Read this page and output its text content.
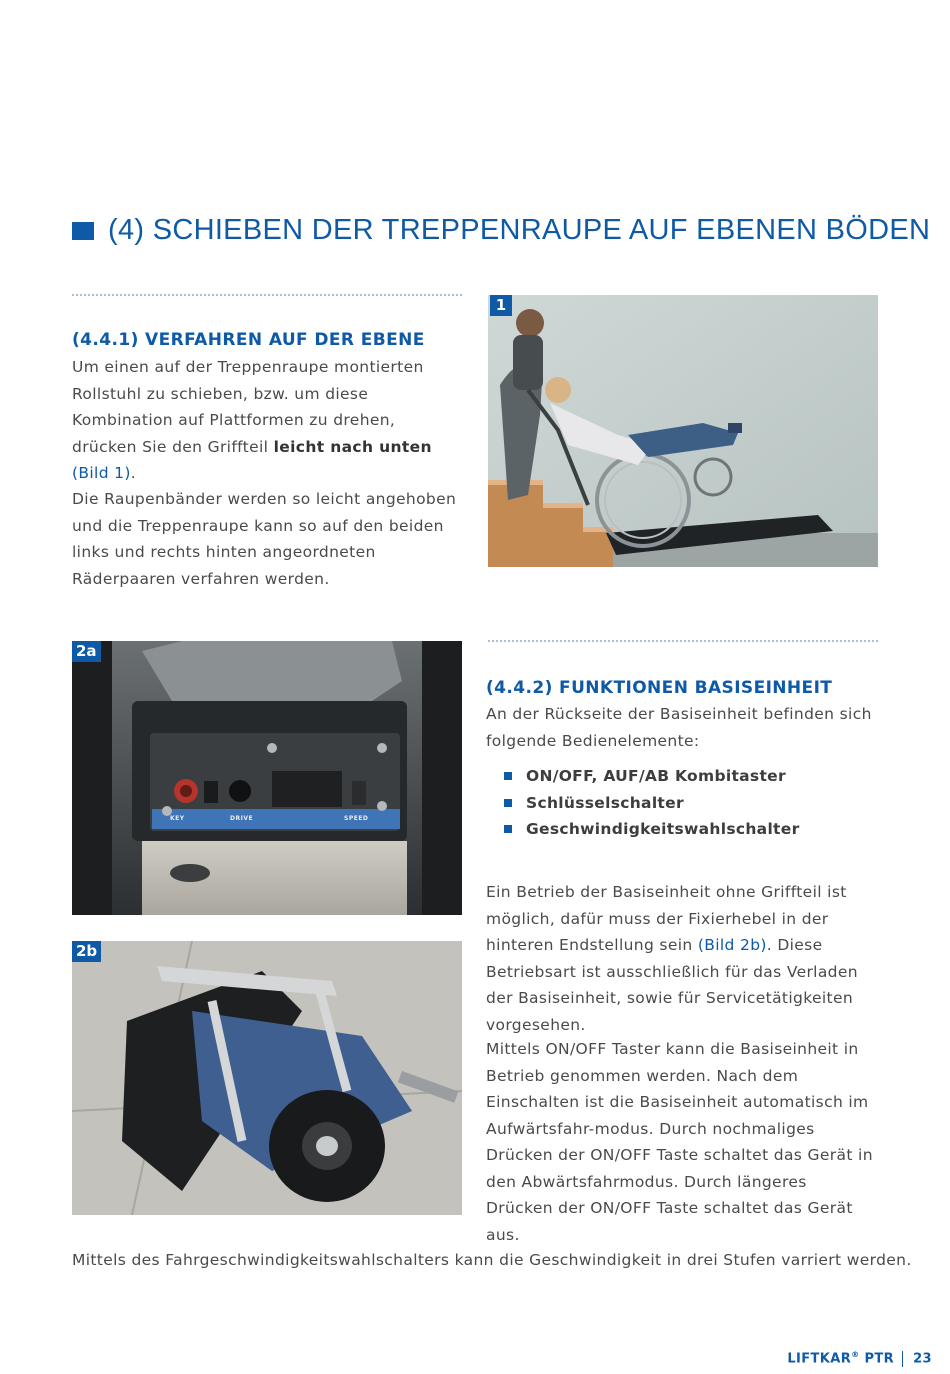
(4) SCHIEBEN DER TREPPENRAUPE AUF EBENEN BÖDEN
(4.4.1) VERFAHREN AUF DER EBENE
Um einen auf der Treppenraupe montierten Rollstuhl zu schieben, bzw. um diese Kombination auf Plattformen zu drehen, drücken Sie den Griffteil leicht nach unten (Bild 1).
Die Raupenbänder werden so leicht angehoben und die Treppenraupe kann so auf den beiden links und rechts hinten angeordneten Räderpaaren verfahren werden.
1
KEY	DRIVE	SPEED
2a
2b
(4.4.2) FUNKTIONEN BASISEINHEIT
An der Rückseite der Basiseinheit befinden sich folgende Bedienelemente:
ON/OFF, AUF/AB Kombitaster
Schlüsselschalter
Geschwindigkeitswahlschalter
Ein Betrieb der Basiseinheit ohne Griffteil ist möglich, dafür muss der Fixierhebel in der hinteren Endstellung sein (Bild 2b). Diese Betriebsart ist ausschließlich für das Verladen der Basiseinheit, sowie für Servicetätigkeiten vorgesehen.
Mittels ON/OFF Taster kann die Basiseinheit in Betrieb genommen werden. Nach dem Einschalten ist die Basiseinheit automatisch im Aufwärtsfahr-modus. Durch nochmaliges Drücken der ON/OFF Taste schaltet das Gerät in den Abwärtsfahrmodus. Durch längeres Drücken der ON/OFF Taste schaltet das Gerät aus.
Mittels des Fahrgeschwindigkeitswahlschalters kann die Geschwindigkeit in drei Stufen varriert werden.
LIFTKAR® PTR 23
